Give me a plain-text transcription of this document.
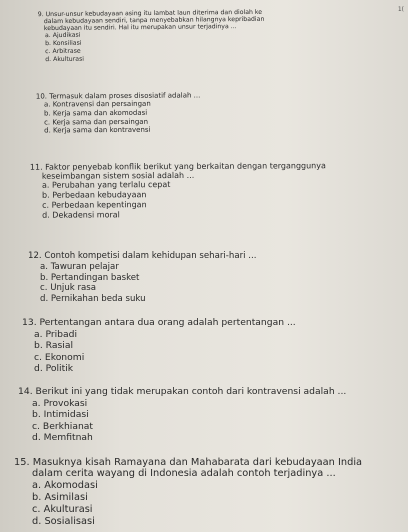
1(

9. Unsur-unsur kebudayaan asing itu lambat laun diterima dan diolah ke

dalam kebudayaan sendiri, tanpa menyebabkan hilangnya kepribadian

kebudayaan itu sendiri. Hal itu merupakan unsur terjadinya ...

a. Ajudikasi
b. Konsiliasi
c. Arbitrase
d. Akulturasi

10. Termasuk dalam proses disosiatif adalah ...

a. Kontravensi dan persaingan
b. Kerja sama dan akomodasi
c. Kerja sama dan persaingan
d. Kerja sama dan kontravensi

11. Faktor penyebab konflik berikut yang berkaitan dengan terganggunya

keseimbangan sistem sosial adalah ...

a. Perubahan yang terlalu cepat
b. Perbedaan kebudayaan
c. Perbedaan kepentingan
d. Dekadensi moral

12. Contoh kompetisi dalam kehidupan sehari-hari ...

a. Tawuran pelajar
b. Pertandingan basket
c. Unjuk rasa
d. Pernikahan beda suku

13. Pertentangan antara dua orang adalah pertentangan ...

a. Pribadi
b. Rasial
c. Ekonomi
d. Politik

14. Berikut ini yang tidak merupakan contoh dari kontravensi adalah ...

a. Provokasi
b. Intimidasi
c. Berkhianat
d. Memfitnah

15. Masuknya kisah Ramayana dan Mahabarata dari kebudayaan India

dalam cerita wayang di Indonesia adalah contoh terjadinya ...

a. Akomodasi
b. Asimilasi
c. Akulturasi
d. Sosialisasi
